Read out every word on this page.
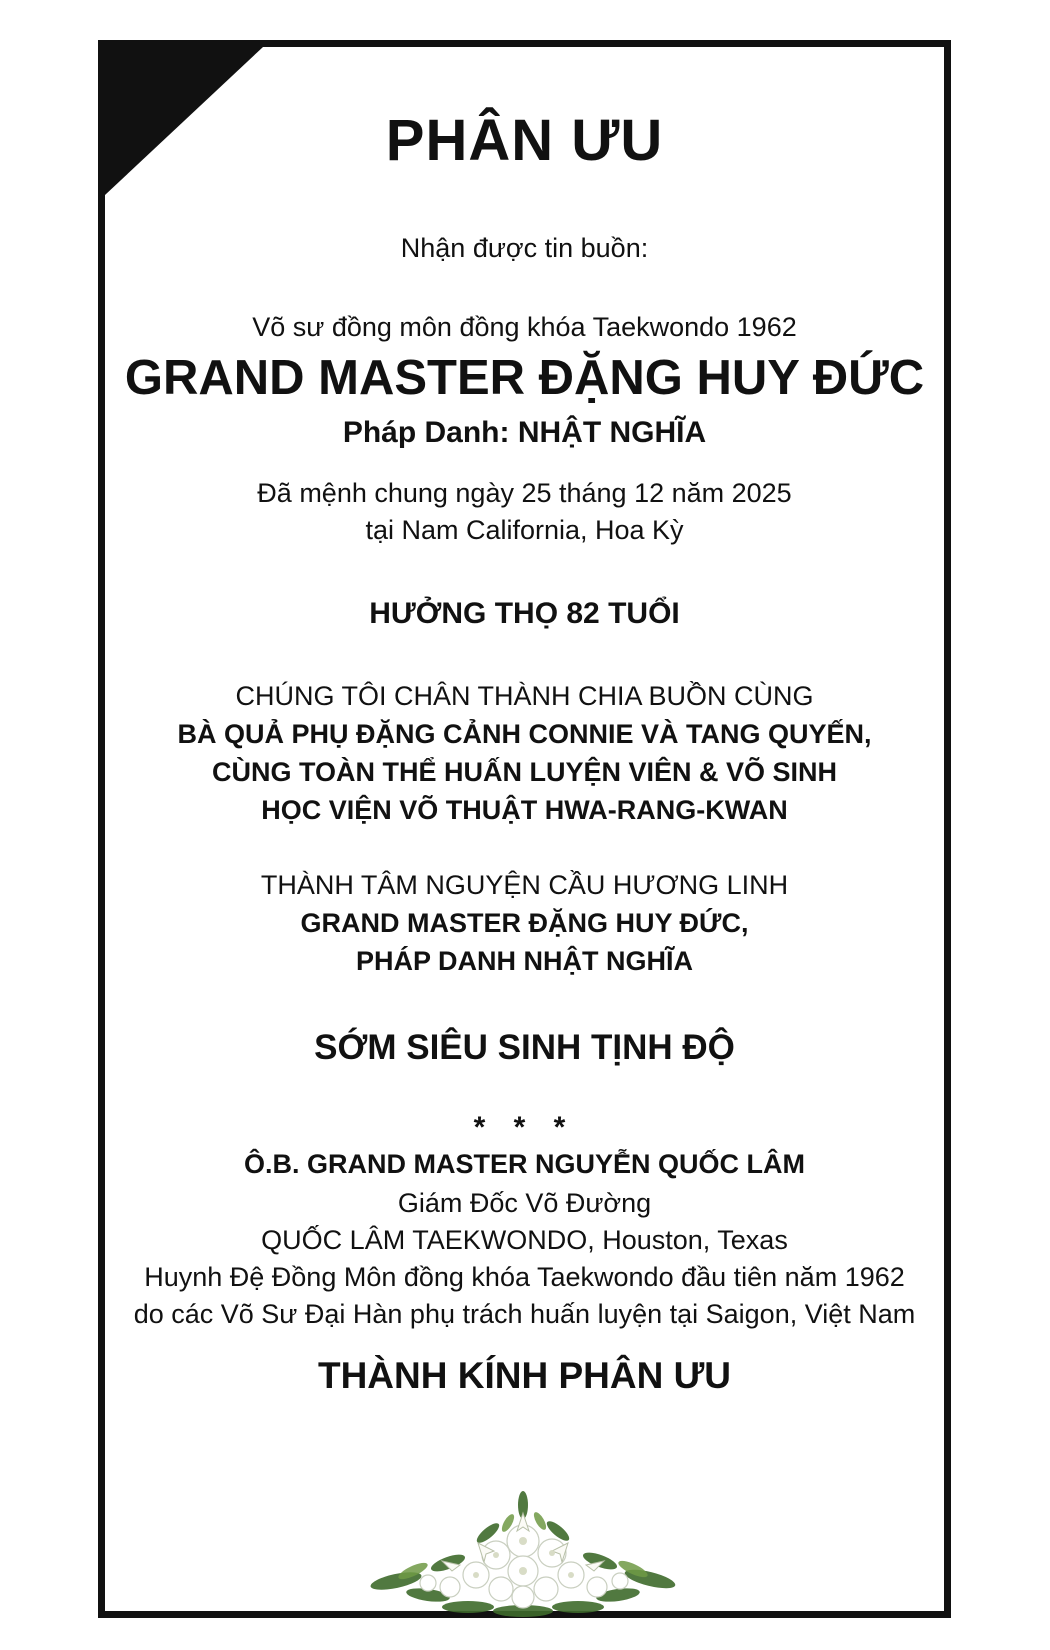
PHÂN ƯU
Nhận được tin buồn:
Võ sư đồng môn đồng khóa Taekwondo 1962
GRAND MASTER ĐẶNG HUY ĐỨC
Pháp Danh: NHẬT NGHĨA
Đã mệnh chung ngày 25 tháng 12 năm 2025
tại Nam California, Hoa Kỳ
HƯỞNG THỌ 82 TUỔI
CHÚNG TÔI CHÂN THÀNH CHIA BUỒN CÙNG
BÀ QUẢ PHỤ ĐẶNG CẢNH CONNIE VÀ TANG QUYẾN,
CÙNG TOÀN THỂ HUẤN LUYỆN VIÊN & VÕ SINH
HỌC VIỆN VÕ THUẬT HWA-RANG-KWAN
THÀNH TÂM NGUYỆN CẦU HƯƠNG LINH
GRAND MASTER ĐẶNG HUY ĐỨC,
PHÁP DANH NHẬT NGHĨA
SỚM SIÊU SINH TỊNH ĐỘ
* * *
Ô.B. GRAND MASTER NGUYỄN QUỐC LÂM
Giám Đốc Võ Đường
QUỐC LÂM TAEKWONDO, Houston, Texas
Huynh Đệ Đồng Môn đồng khóa Taekwondo đầu tiên năm 1962
do các Võ Sư Đại Hàn phụ trách huấn luyện tại Saigon, Việt Nam
THÀNH KÍNH PHÂN ƯU
